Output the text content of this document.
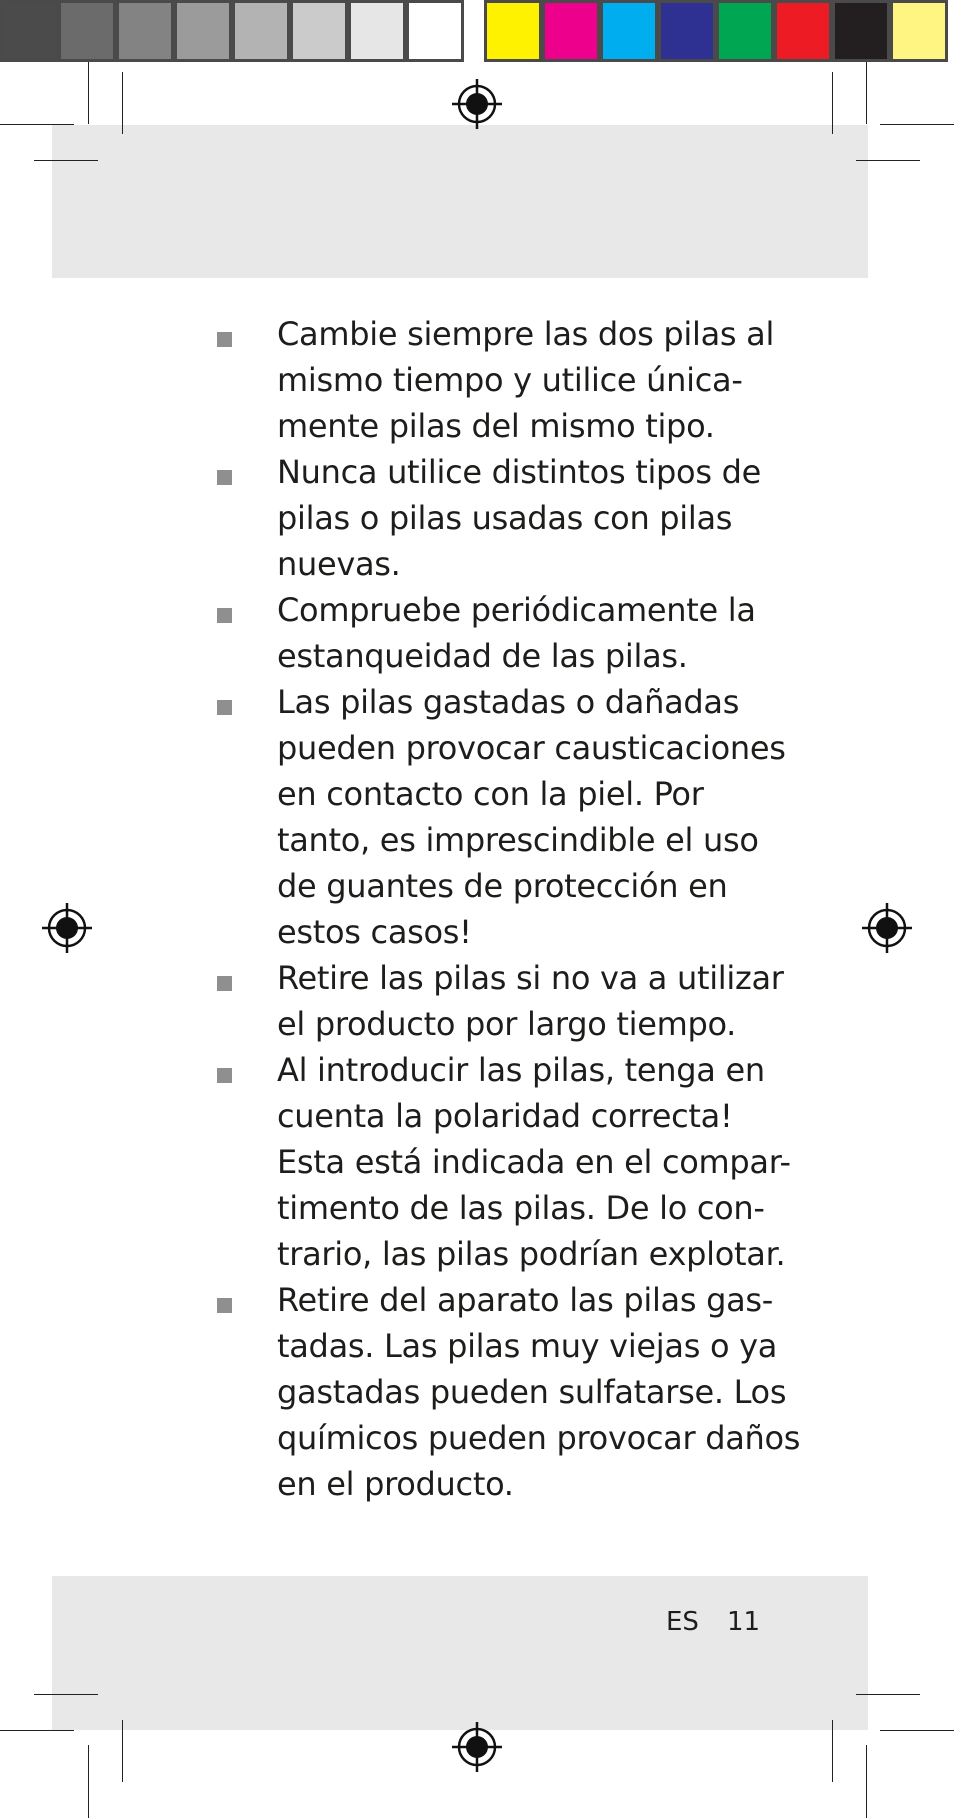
Cambie siempre las dos pilas al
mismo tiempo y utilice única-
mente pilas del mismo tipo.
Nunca utilice distintos tipos de
pilas o pilas usadas con pilas
nuevas.
Compruebe periódicamente la
estanqueidad de las pilas.
Las pilas gastadas o dañadas
pueden provocar causticaciones
en contacto con la piel. Por
tanto, es imprescindible el uso
de guantes de protección en
estos casos!
Retire las pilas si no va a utilizar
el producto por largo tiempo.
Al introducir las pilas, tenga en
cuenta la polaridad correcta!
Esta está indicada en el compar-
timento de las pilas. De lo con-
trario, las pilas podrían explotar.
Retire del aparato las pilas gas-
tadas. Las pilas muy viejas o ya
gastadas pueden sulfatarse. Los
químicos pueden provocar daños
en el producto.
ES 11
